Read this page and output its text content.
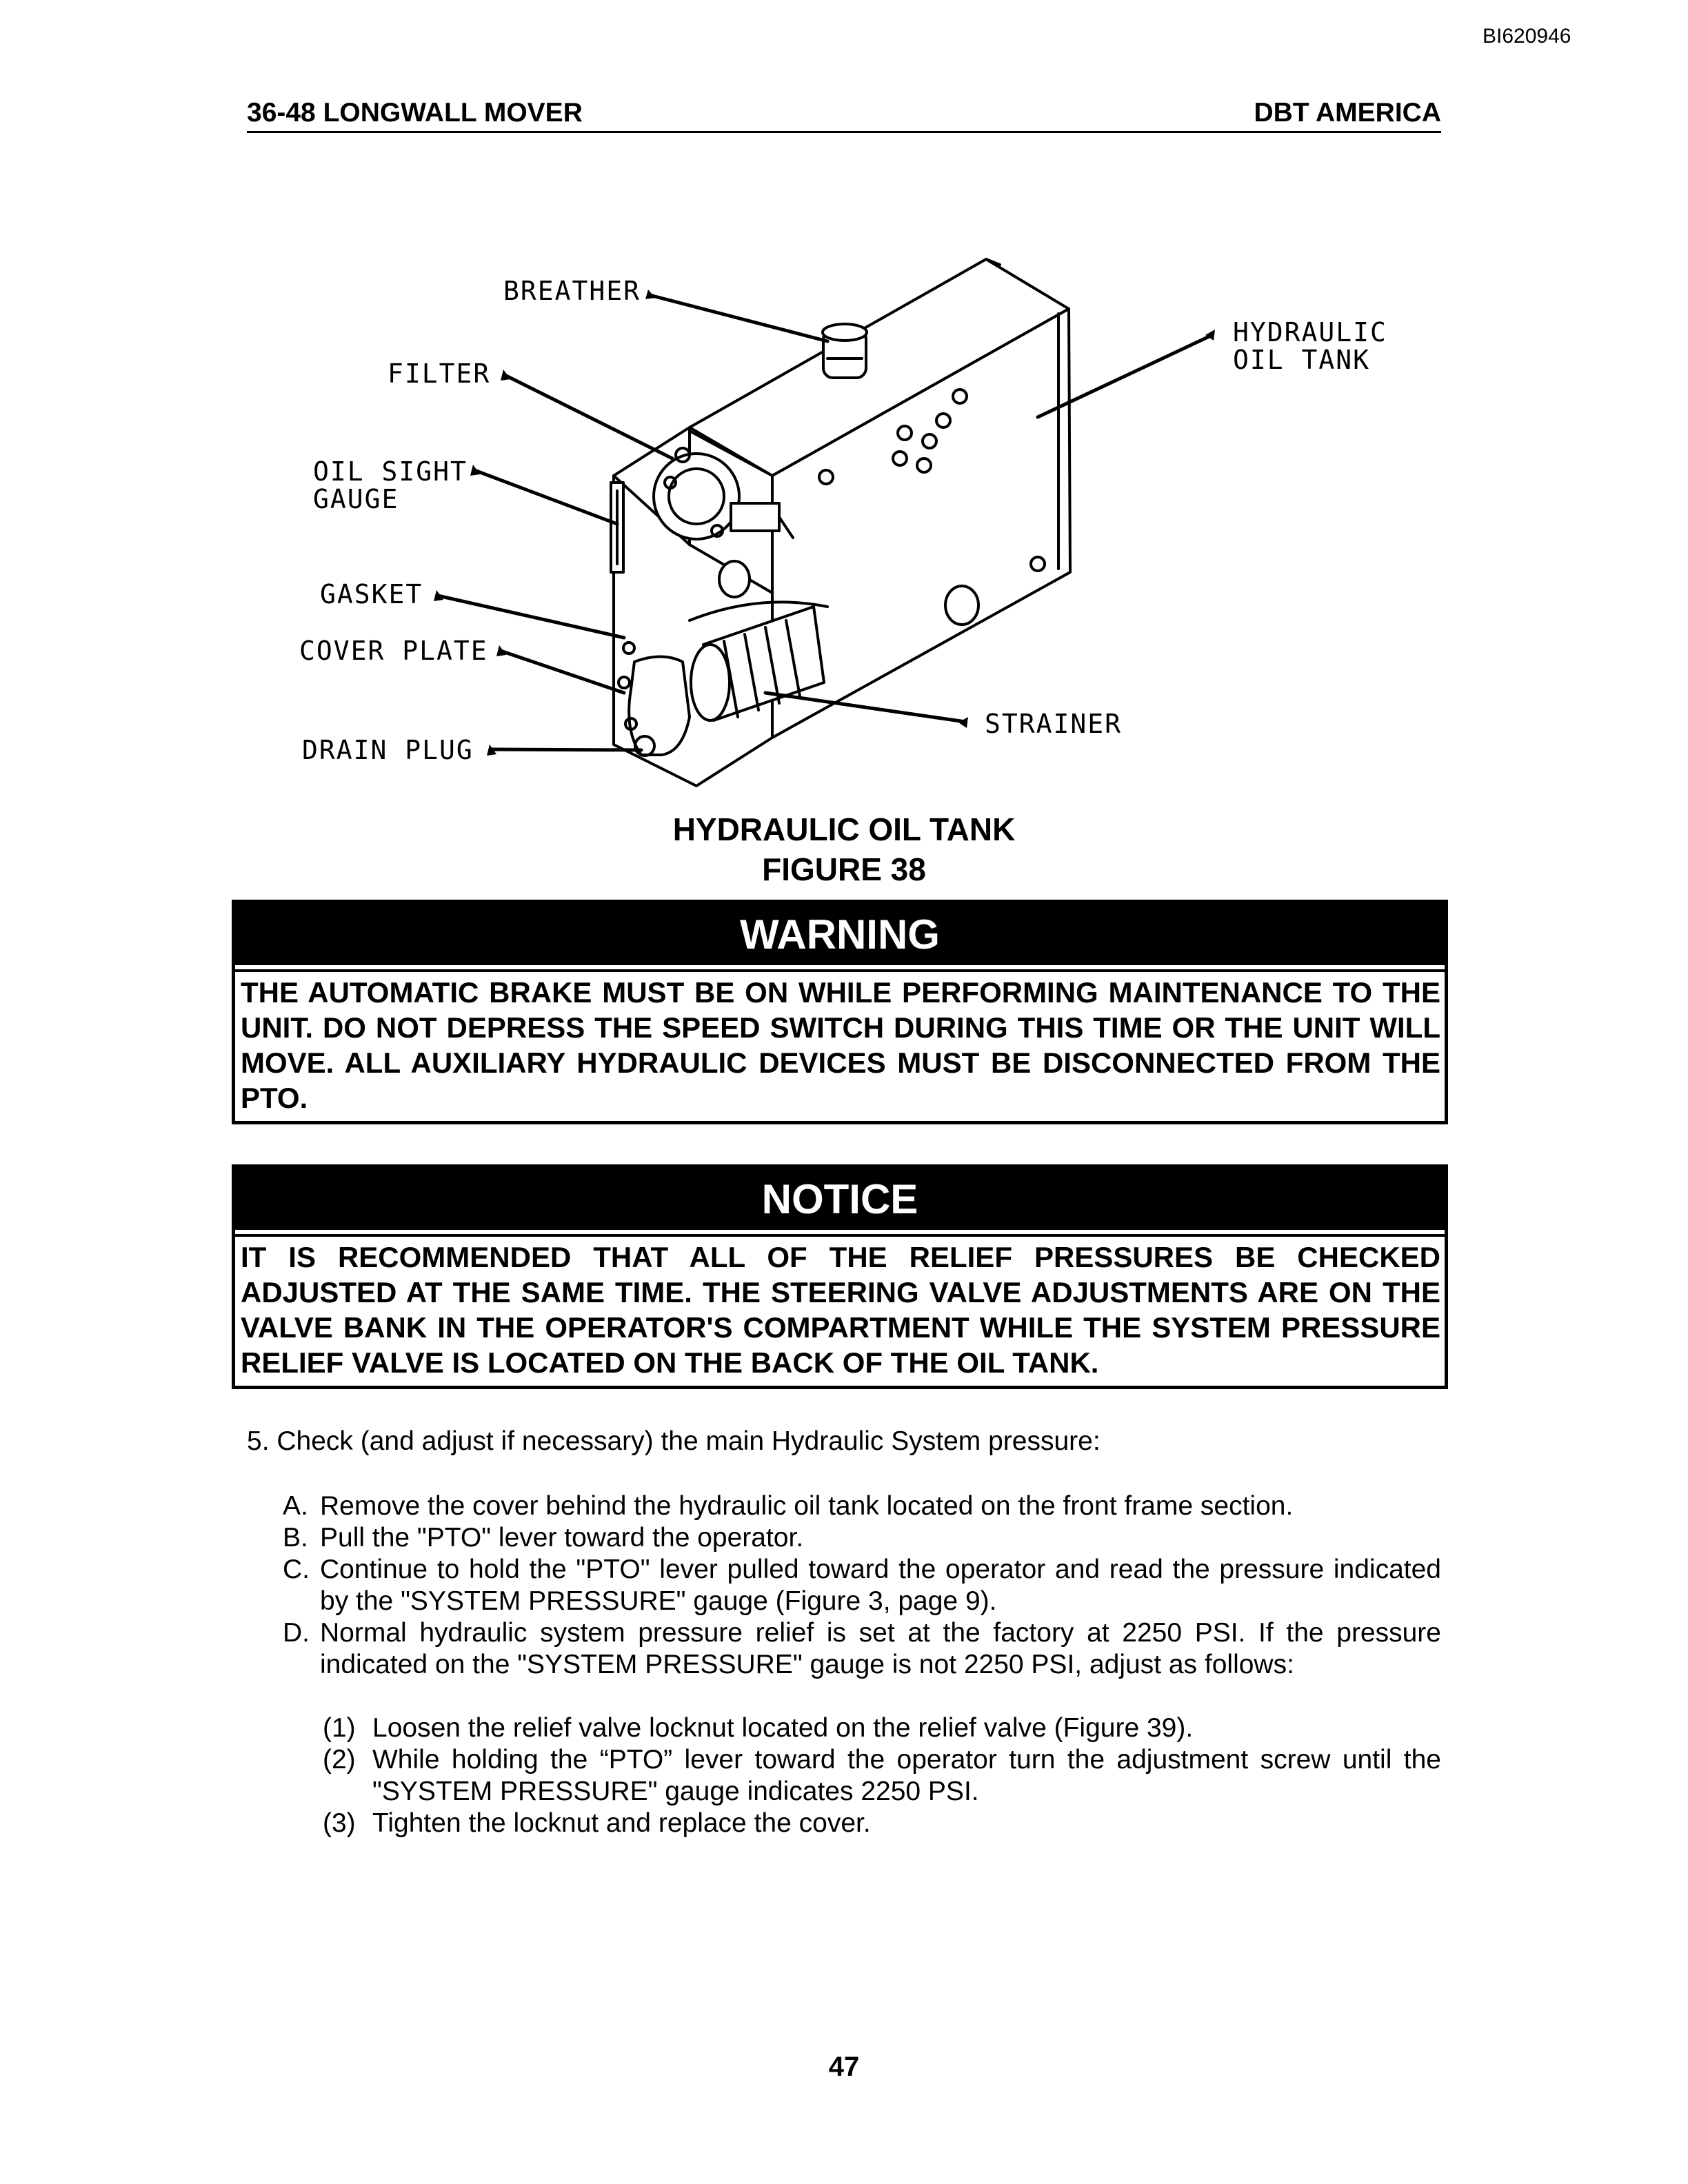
BI620946
36-48 LONGWALL MOVER	DBT AMERICA
BREATHER
FILTER
OIL SIGHT
GAUGE
GASKET
COVER PLATE
DRAIN PLUG
HYDRAULIC
OIL TANK
STRAINER
HYDRAULIC OIL TANK
FIGURE 38
WARNING
THE AUTOMATIC BRAKE MUST BE ON WHILE PERFORMING MAINTENANCE TO THE UNIT. DO NOT DEPRESS THE SPEED SWITCH DURING THIS TIME OR THE UNIT WILL MOVE. ALL AUXILIARY HYDRAULIC DEVICES MUST BE DISCONNECTED FROM THE PTO.
NOTICE
IT IS RECOMMENDED THAT ALL OF THE RELIEF PRESSURES BE CHECKED ADJUSTED AT THE SAME TIME. THE STEERING VALVE ADJUSTMENTS ARE ON THE VALVE BANK IN THE OPERATOR'S COMPARTMENT WHILE THE SYSTEM PRESSURE RELIEF VALVE IS LOCATED ON THE BACK OF THE OIL TANK.
5. Check (and adjust if necessary) the main Hydraulic System pressure:
A. Remove the cover behind the hydraulic oil tank located on the front frame section.
B. Pull the "PTO" lever toward the operator.
C. Continue to hold the "PTO" lever pulled toward the operator and read the pressure indicated by the "SYSTEM PRESSURE" gauge (Figure 3, page 9).
D. Normal hydraulic system pressure relief is set at the factory at 2250 PSI. If the pressure indicated on the "SYSTEM PRESSURE" gauge is not 2250 PSI, adjust as follows:
(1) Loosen the relief valve locknut located on the relief valve (Figure 39).
(2) While holding the “PTO” lever toward the operator turn the adjustment screw until the "SYSTEM PRESSURE" gauge indicates 2250 PSI.
(3) Tighten the locknut and replace the cover.
47
